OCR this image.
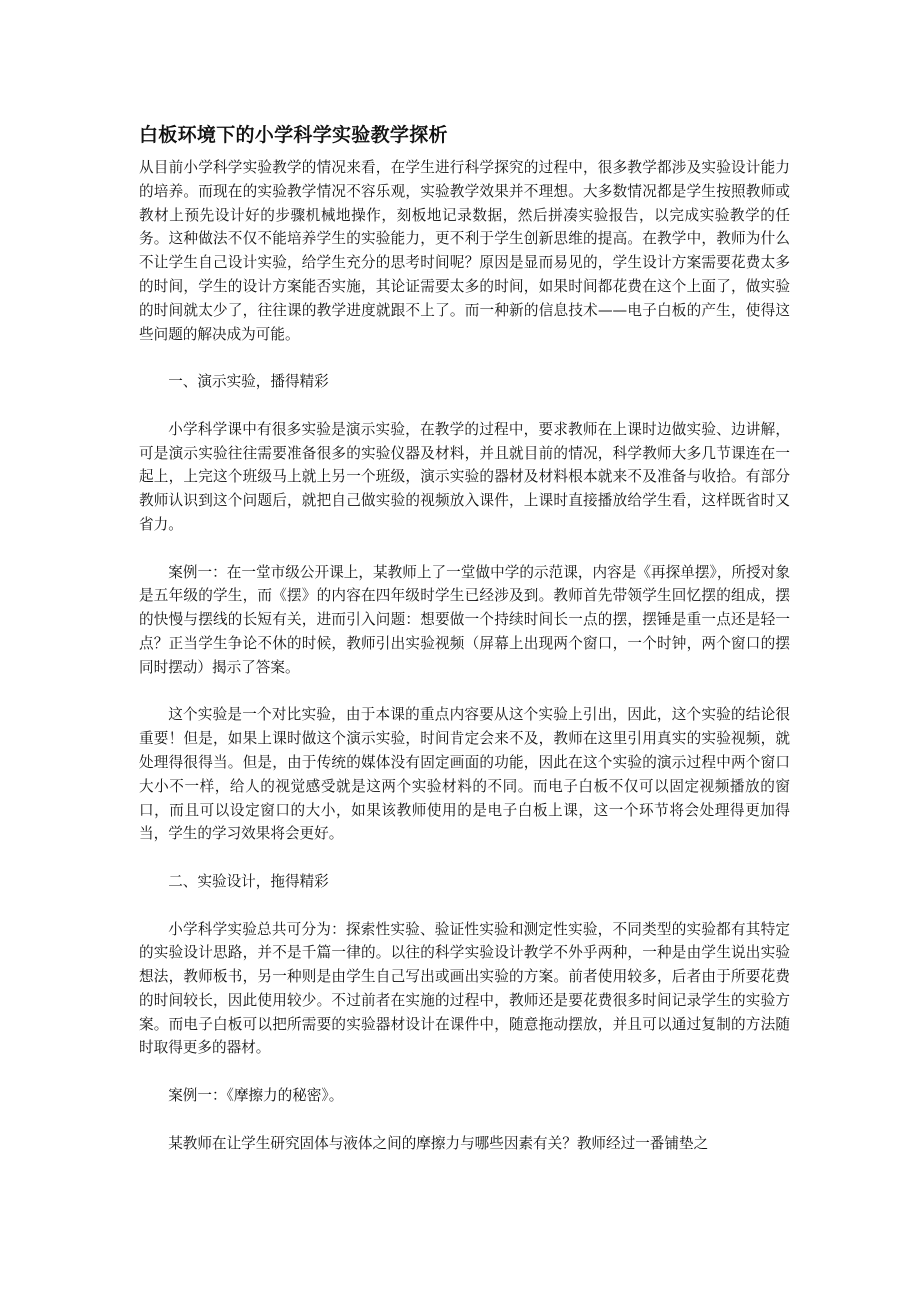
白板环境下的小学科学实验教学探析

从目前小学科学实验教学的情况来看，在学生进行科学探究的过程中，很多教学都涉及实验设计能力的培养。而现在的实验教学情况不容乐观，实验教学效果并不理想。大多数情况都是学生按照教师或教材上预先设计好的步骤机械地操作，刻板地记录数据，然后拼凑实验报告，以完成实验教学的任务。这种做法不仅不能培养学生的实验能力，更不利于学生创新思维的提高。在教学中，教师为什么不让学生自己设计实验，给学生充分的思考时间呢？原因是显而易见的，学生设计方案需要花费太多的时间，学生的设计方案能否实施，其论证需要太多的时间，如果时间都花费在这个上面了，做实验的时间就太少了，往往课的教学进度就跟不上了。而一种新的信息技术——电子白板的产生，使得这些问题的解决成为可能。

一、演示实验，播得精彩

小学科学课中有很多实验是演示实验，在教学的过程中，要求教师在上课时边做实验、边讲解，可是演示实验往往需要准备很多的实验仪器及材料，并且就目前的情况，科学教师大多几节课连在一起上，上完这个班级马上就上另一个班级，演示实验的器材及材料根本就来不及准备与收拾。有部分教师认识到这个问题后，就把自己做实验的视频放入课件，上课时直接播放给学生看，这样既省时又省力。

案例一：在一堂市级公开课上，某教师上了一堂做中学的示范课，内容是《再探单摆》，所授对象是五年级的学生，而《摆》的内容在四年级时学生已经涉及到。教师首先带领学生回忆摆的组成，摆的快慢与摆线的长短有关，进而引入问题：想要做一个持续时间长一点的摆，摆锤是重一点还是轻一点？正当学生争论不休的时候，教师引出实验视频（屏幕上出现两个窗口，一个时钟，两个窗口的摆同时摆动）揭示了答案。

这个实验是一个对比实验，由于本课的重点内容要从这个实验上引出，因此，这个实验的结论很重要！但是，如果上课时做这个演示实验，时间肯定会来不及，教师在这里引用真实的实验视频，就处理得很得当。但是，由于传统的媒体没有固定画面的功能，因此在这个实验的演示过程中两个窗口大小不一样，给人的视觉感受就是这两个实验材料的不同。而电子白板不仅可以固定视频播放的窗口，而且可以设定窗口的大小，如果该教师使用的是电子白板上课，这一个环节将会处理得更加得当，学生的学习效果将会更好。

二、实验设计，拖得精彩

小学科学实验总共可分为：探索性实验、验证性实验和测定性实验，不同类型的实验都有其特定的实验设计思路，并不是千篇一律的。以往的科学实验设计教学不外乎两种，一种是由学生说出实验想法，教师板书，另一种则是由学生自己写出或画出实验的方案。前者使用较多，后者由于所要花费的时间较长，因此使用较少。不过前者在实施的过程中，教师还是要花费很多时间记录学生的实验方案。而电子白板可以把所需要的实验器材设计在课件中，随意拖动摆放，并且可以通过复制的方法随时取得更多的器材。

案例一：《摩擦力的秘密》。

某教师在让学生研究固体与液体之间的摩擦力与哪些因素有关？教师经过一番铺垫之
